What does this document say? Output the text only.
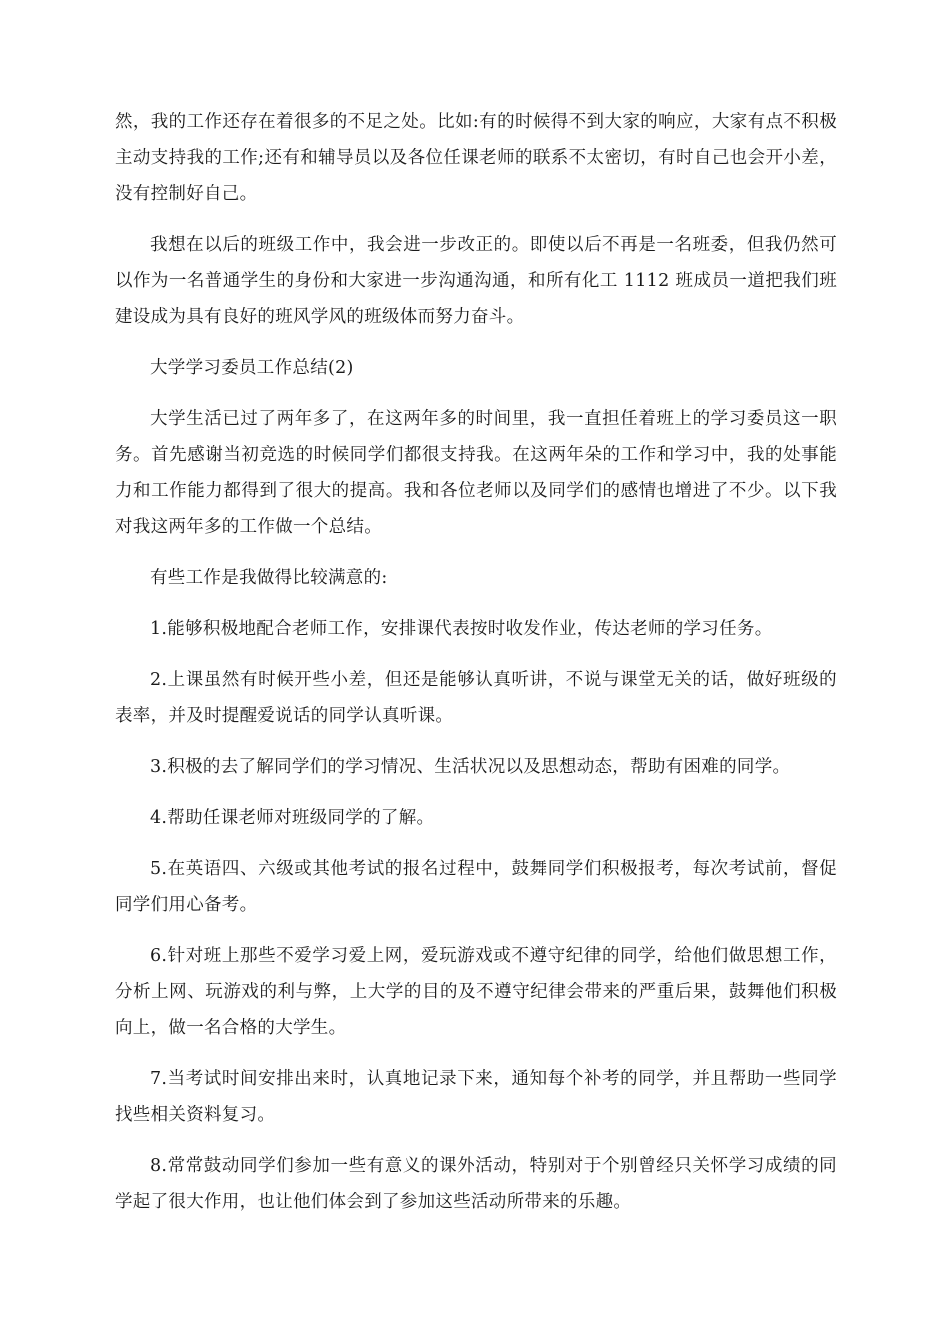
然，我的工作还存在着很多的不足之处。比如:有的时候得不到大家的响应，大家有点不积极主动支持我的工作;还有和辅导员以及各位任课老师的联系不太密切，有时自己也会开小差，没有控制好自己。

我想在以后的班级工作中，我会进一步改正的。即使以后不再是一名班委，但我仍然可以作为一名普通学生的身份和大家进一步沟通沟通，和所有化工 1112 班成员一道把我们班建设成为具有良好的班风学风的班级体而努力奋斗。

大学学习委员工作总结(2)

大学生活已过了两年多了，在这两年多的时间里，我一直担任着班上的学习委员这一职务。首先感谢当初竞选的时候同学们都很支持我。在这两年朵的工作和学习中，我的处事能力和工作能力都得到了很大的提高。我和各位老师以及同学们的感情也增进了不少。以下我对我这两年多的工作做一个总结。

有些工作是我做得比较满意的:

1.能够积极地配合老师工作，安排课代表按时收发作业，传达老师的学习任务。

2.上课虽然有时候开些小差，但还是能够认真听讲，不说与课堂无关的话，做好班级的表率，并及时提醒爱说话的同学认真听课。

3.积极的去了解同学们的学习情况、生活状况以及思想动态，帮助有困难的同学。

4.帮助任课老师对班级同学的了解。

5.在英语四、六级或其他考试的报名过程中，鼓舞同学们积极报考，每次考试前，督促同学们用心备考。

6.针对班上那些不爱学习爱上网，爱玩游戏或不遵守纪律的同学，给他们做思想工作，分析上网、玩游戏的利与弊，上大学的目的及不遵守纪律会带来的严重后果，鼓舞他们积极向上，做一名合格的大学生。

7.当考试时间安排出来时，认真地记录下来，通知每个补考的同学，并且帮助一些同学找些相关资料复习。

8.常常鼓动同学们参加一些有意义的课外活动，特别对于个别曾经只关怀学习成绩的同学起了很大作用，也让他们体会到了参加这些活动所带来的乐趣。
